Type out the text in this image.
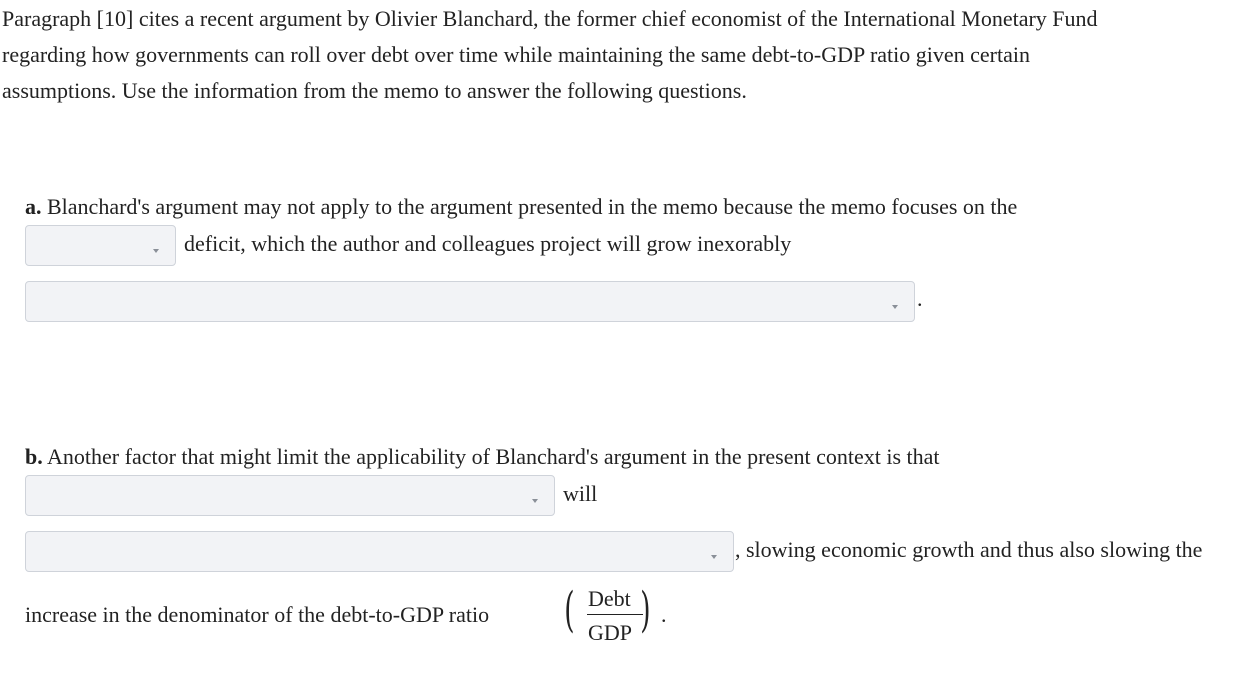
Paragraph [10] cites a recent argument by Olivier Blanchard, the former chief economist of the International Monetary Fund
regarding how governments can roll over debt over time while maintaining the same debt-to-GDP ratio given certain
assumptions. Use the information from the memo to answer the following questions.
a. Blanchard's argument may not apply to the argument presented in the memo because the memo focuses on the
deficit, which the author and colleagues project will grow inexorably
.
b. Another factor that might limit the applicability of Blanchard's argument in the present context is that
will
, slowing economic growth and thus also slowing the
increase in the denominator of the debt-to-GDP ratio ( Debt
GDP ) .
